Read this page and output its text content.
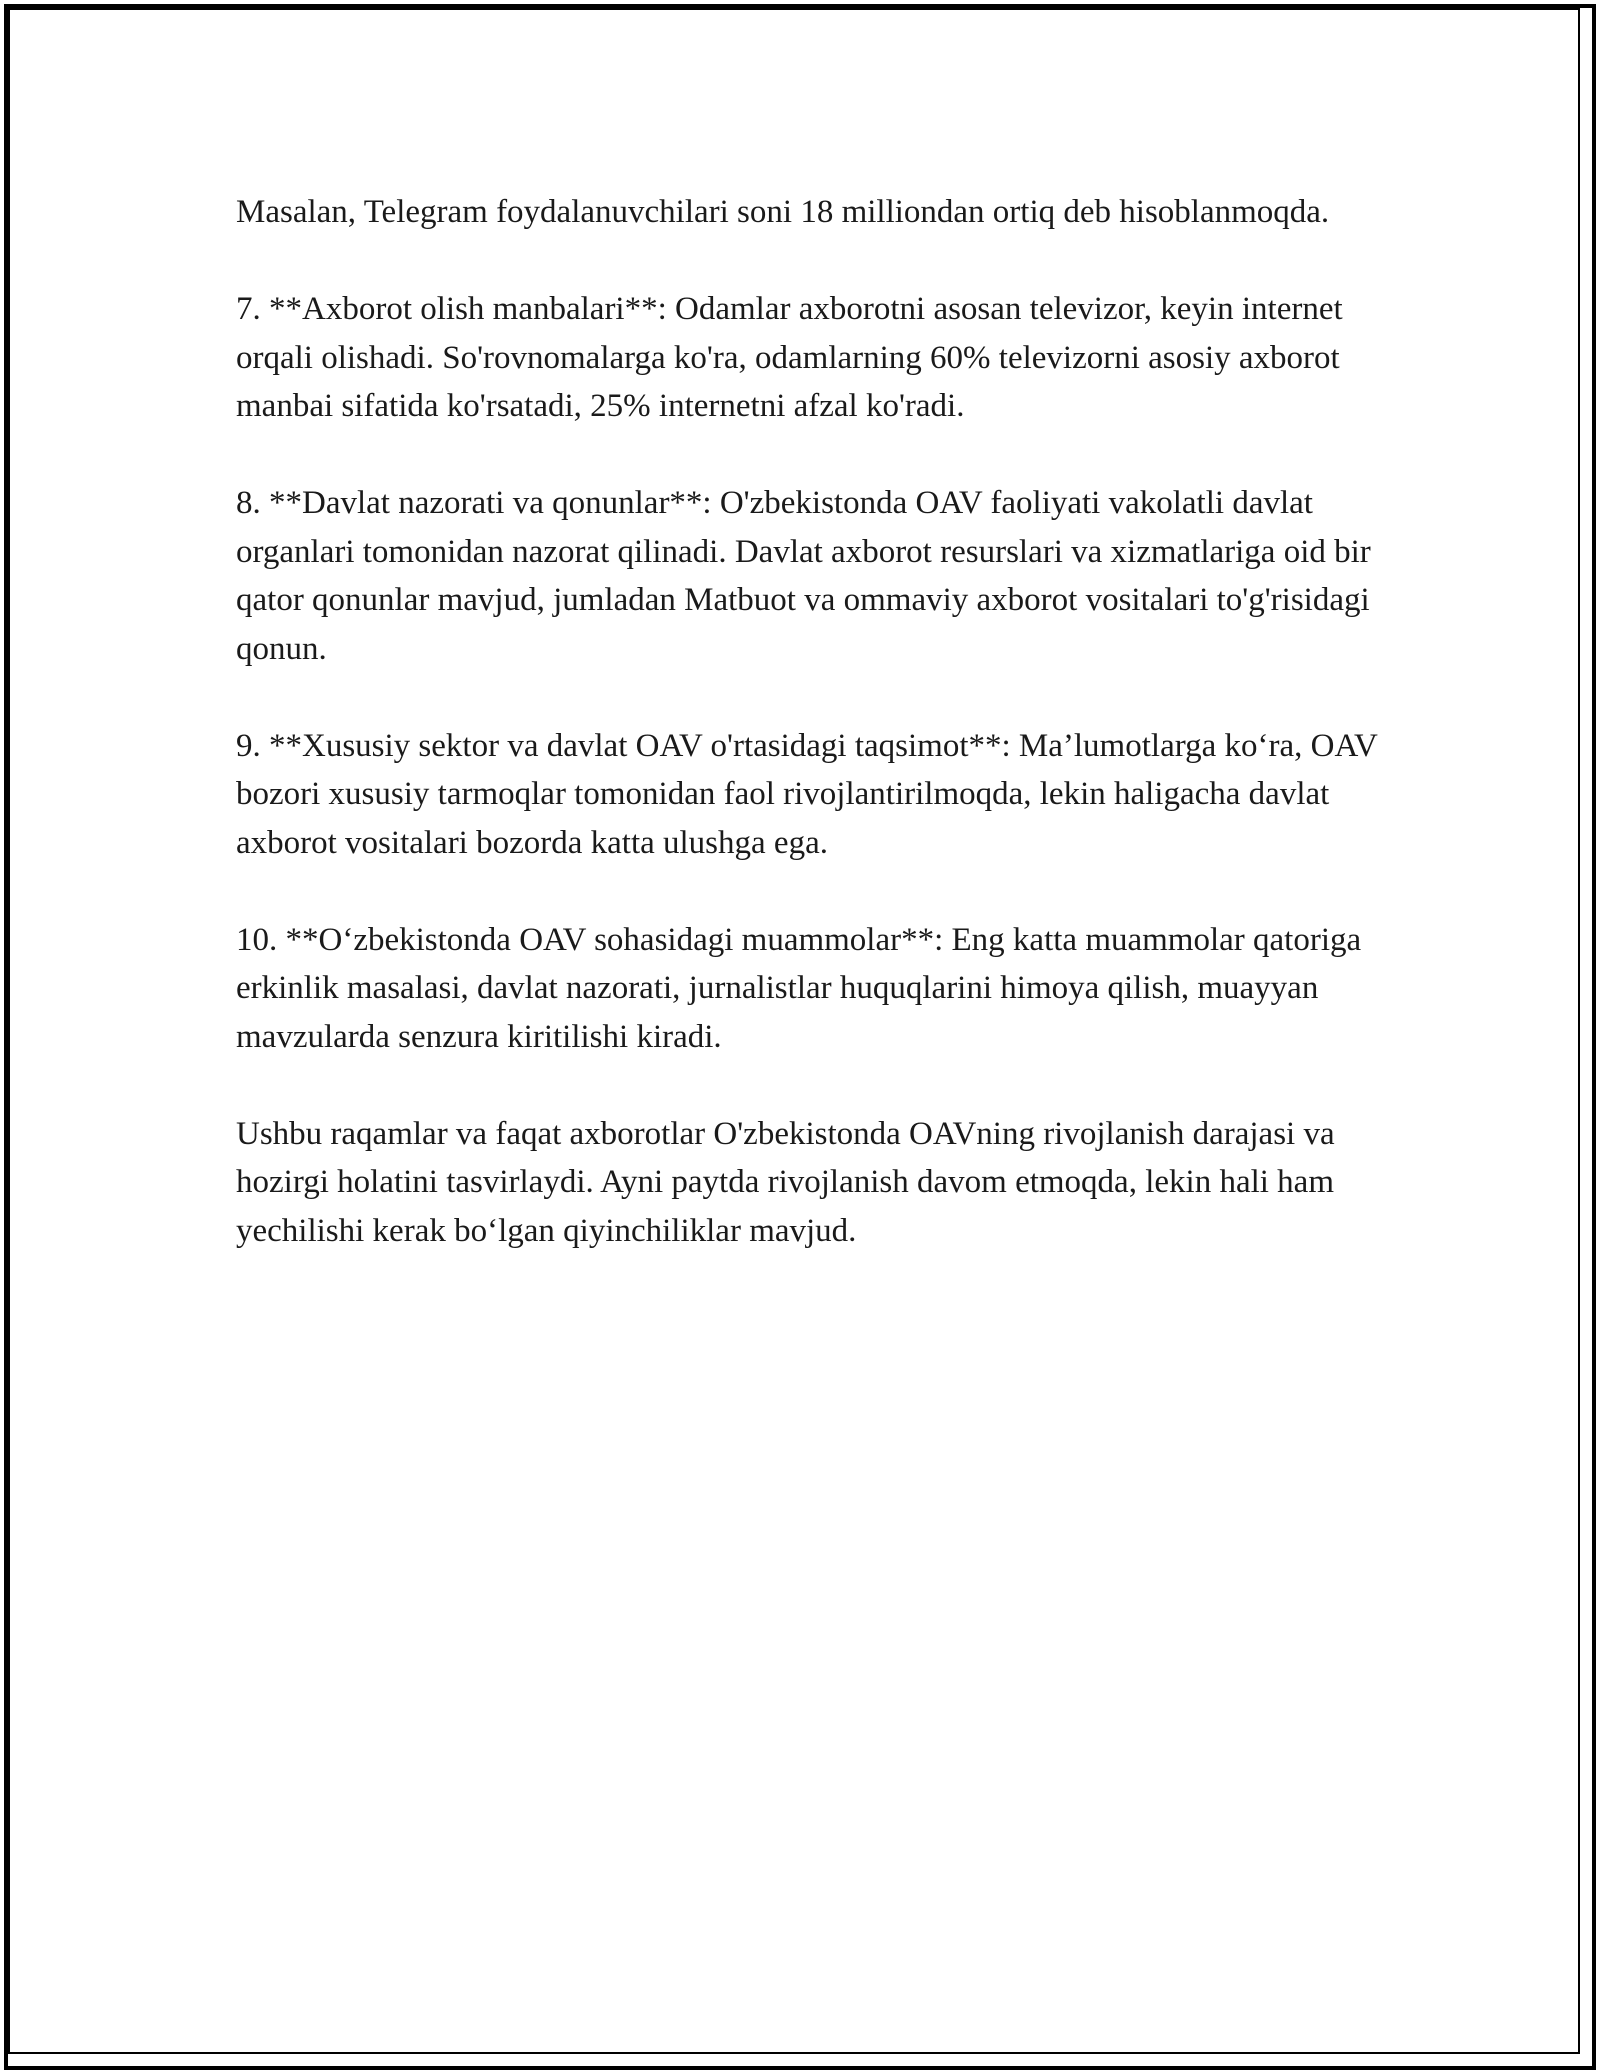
Masalan, Telegram foydalanuvchilari soni 18 milliondan ortiq deb hisoblanmoqda.

7. **Axborot olish manbalari**: Odamlar axborotni asosan televizor, keyin internet orqali olishadi. So'rovnomalarga ko'ra, odamlarning 60% televizorni asosiy axborot manbai sifatida ko'rsatadi, 25% internetni afzal ko'radi.

8. **Davlat nazorati va qonunlar**: O'zbekistonda OAV faoliyati vakolatli davlat organlari tomonidan nazorat qilinadi. Davlat axborot resurslari va xizmatlariga oid bir qator qonunlar mavjud, jumladan Matbuot va ommaviy axborot vositalari to'g'risidagi qonun.

9. **Xususiy sektor va davlat OAV o'rtasidagi taqsimot**: Ma’lumotlarga ko‘ra, OAV bozori xususiy tarmoqlar tomonidan faol rivojlantirilmoqda, lekin haligacha davlat axborot vositalari bozorda katta ulushga ega.

10. **O‘zbekistonda OAV sohasidagi muammolar**: Eng katta muammolar qatoriga erkinlik masalasi, davlat nazorati, jurnalistlar huquqlarini himoya qilish, muayyan mavzularda senzura kiritilishi kiradi.

Ushbu raqamlar va faqat axborotlar O'zbekistonda OAVning rivojlanish darajasi va hozirgi holatini tasvirlaydi. Ayni paytda rivojlanish davom etmoqda, lekin hali ham yechilishi kerak bo‘lgan qiyinchiliklar mavjud.
